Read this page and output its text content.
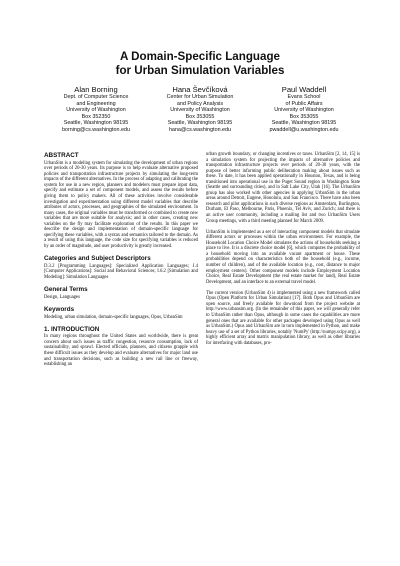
A Domain-Specific Language
for Urban Simulation Variables
Alan Borning
Dept. of Computer Science
and Engineering
University of Washington
Box 352350
Seattle, Washington 98195
borning@cs.washington.edu
Hana Ševčíková
Center for Urban Simulation
and Policy Analysis
University of Washington
Box 353055
Seattle, Washington 98195
hana@cs.washington.edu
Paul Waddell
Evans School
of Public Affairs
University of Washington
Box 353055
Seattle, Washington 98195
pwaddell@u.washington.edu
ABSTRACT

UrbanSim is a modeling system for simulating the development of urban regions over periods of 20-30 years. Its purpose is to help evaluate alternative proposed policies and transportation infrastructure projects by simulating the long-term impacts of the different alternatives. In the process of adapting and calibrating the system for use in a new region, planners and modelers must prepare input data, specify and estimate a set of component models, and assess the results before giving them to policy makers. All of these activities involve considerable investigation and experimentation using different model variables that describe attributes of actors, processes, and geographies of the simulated environment. In many cases, the original variables must be transformed or combined to create new variables that are more suitable for analysis; and in other cases, creating new variables on the fly may facilitate exploration of the results. In this paper we describe the design and implementation of domain-specific language for specifying these variables, with a syntax and semantics tailored to the domain. As a result of using this language, the code size for specifying variables is reduced by an order of magnitude, and user productivity is greatly increased.

Categories and Subject Descriptors

D.3.2 [Programming Languages]: Specialized Application Languages; J.4 [Computer Applications]: Social and Behavioral Sciences; I.6.2 [Simulation and Modeling]: Simulation Languages

General Terms

Design, Languages

Keywords

Modeling, urban simulation, domain-specific languages, Opus, UrbanSim

1. INTRODUCTION

In many regions throughout the United States and worldwide, there is great concern about such issues as traffic congestion, resource consumption, lack of sustainability, and sprawl. Elected officials, planners, and citizens grapple with these difficult issues as they develop and evaluate alternatives for major land use and transportation decisions, such as building a new rail line or freeway, establishing an

urban growth boundary, or changing incentives or taxes. UrbanSim [2, 14, 15] is a simulation system for projecting the impacts of alternative policies and transportation infrastructure projects over periods of 20-30 years, with the purpose of better informing public deliberation making about issues such as these. To date, it has been applied operationally in Houston, Texas, and is being transitioned into operational use in the Puget Sound region in Washington State (Seattle and surrounding cities), and in Salt Lake City, Utah [16]. The UrbanSim group has also worked with other agencies in applying UrbanSim in the urban areas around Detroit, Eugene, Honolulu, and San Francisco. There have also been research and pilot applications in such diverse regions as Amsterdam, Burlington, Durham, El Paso, Melbourne, Paris, Phoenix, Tel Aviv, and Zurich; and there is an active user community, including a mailing list and two UrbanSim Users Group meetings, with a third meeting planned for March 2009.

UrbanSim is implemented as a set of interacting component models that simulate different actors or processes within the urban environment. For example, the Household Location Choice Model simulates the actions of households seeking a place to live. It is a discrete choice model [6], which computes the probability of a household moving into an available vacant apartment or house. These probabilities depend on characteristics both of the household (e.g., income, number of children), and of the available location (e.g., cost, distance to major employment centers). Other component models include Employment Location Choice, Real Estate Development (the real estate market for land), Real Estate Development, and an interface to an external travel model.

The current version (UrbanSim 4) is implemented using a new framework called Opus (Open Platform for Urban Simulation) [17]. Both Opus and UrbanSim are open source, and freely available for download from the project website at http://www.urbansim.org. (In the remainder of this paper, we will generally refer to UrbanSim rather than Opus, although in some cases the capabilities are more general ones that are available for other packages developed using Opus as well as UrbanSim.) Opus and UrbanSim are in turn implemented in Python, and make heavy use of a set of Python libraries, notably 'NumPy' (http://numpy.scipy.org), a highly efficient array and matrix manipulation library, as well as other libraries for interfacing with databases, pro-
